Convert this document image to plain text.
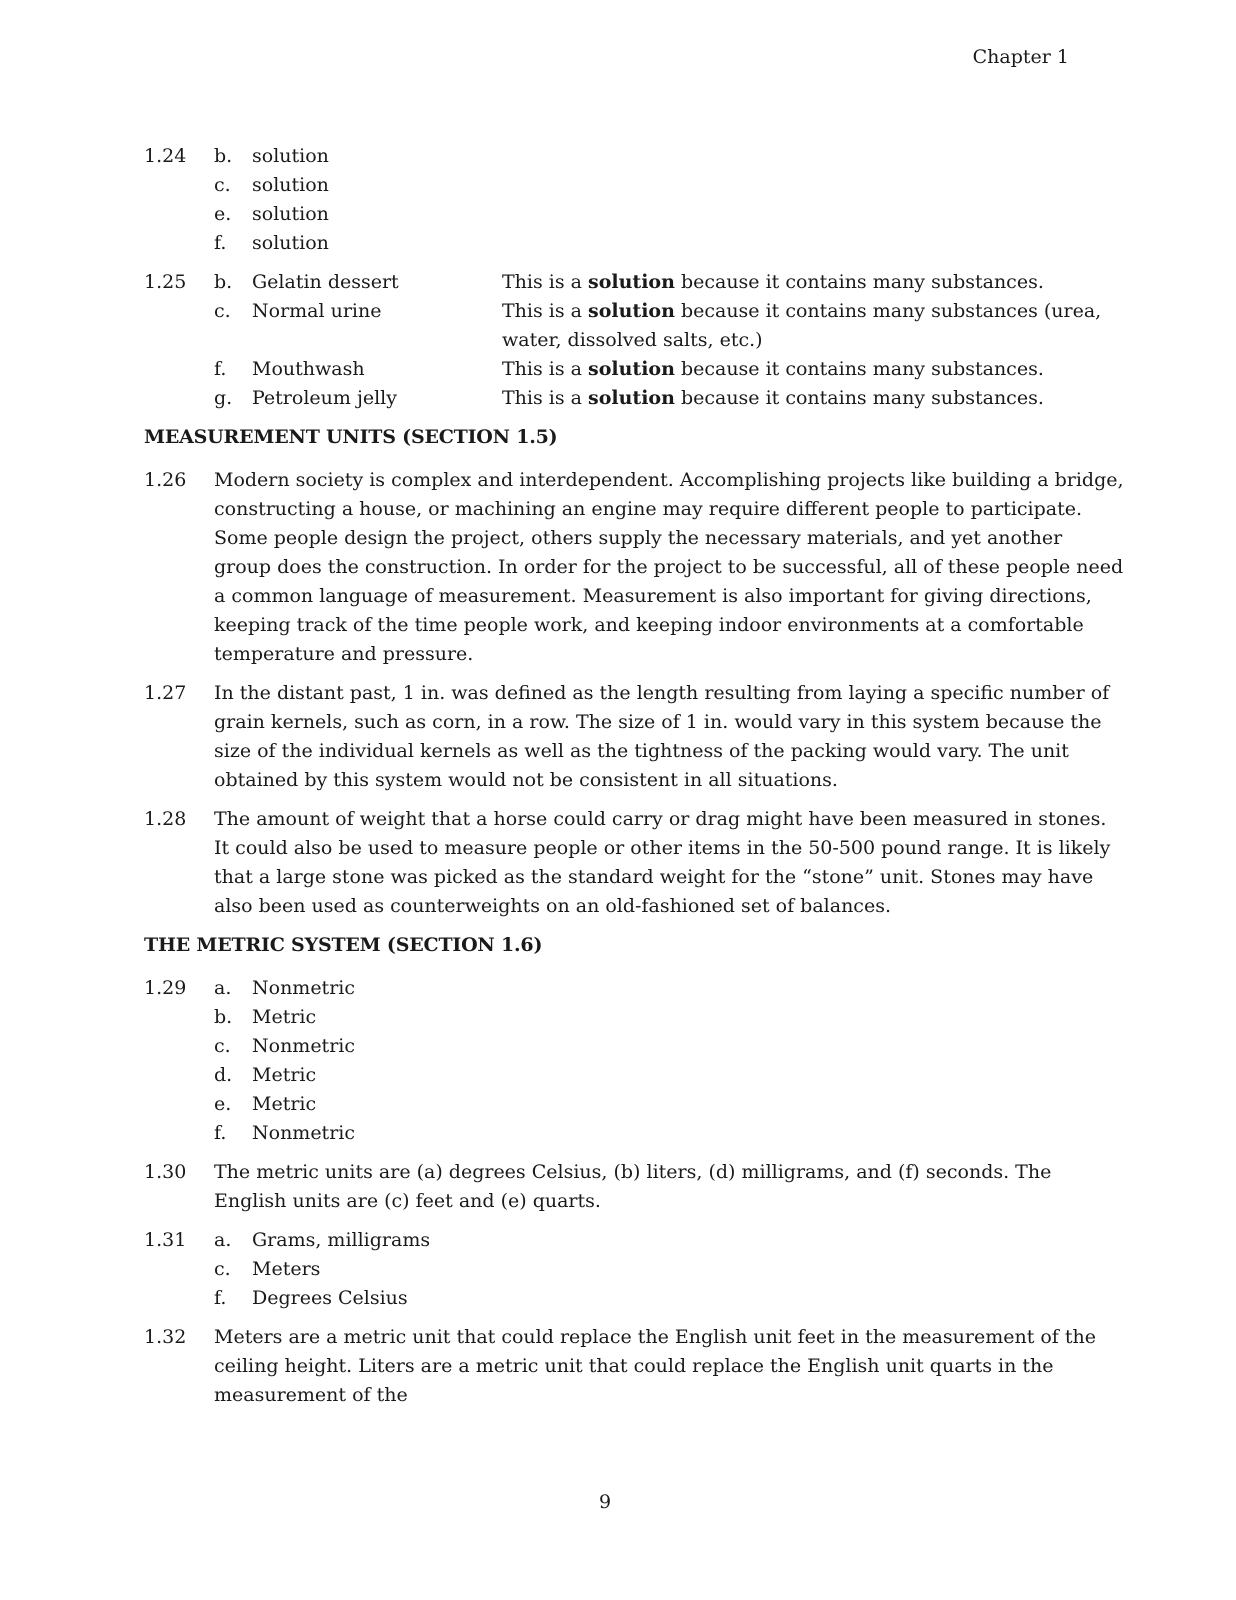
Chapter 1
1.24	b.	solution
c.	solution
e.	solution
f.	solution
1.25	b.	Gelatin dessert	This is a solution because it contains many substances.
c.	Normal urine	This is a solution because it contains many substances (urea,
water, dissolved salts, etc.)
f.	Mouthwash	This is a solution because it contains many substances.
g.	Petroleum jelly	This is a solution because it contains many substances.
MEASUREMENT UNITS (SECTION 1.5)
1.26	Modern society is complex and interdependent. Accomplishing projects like building a bridge, constructing a house, or machining an engine may require different people to participate. Some people design the project, others supply the necessary materials, and yet another group does the construction. In order for the project to be successful, all of these people need a common language of measurement. Measurement is also important for giving directions, keeping track of the time people work, and keeping indoor environments at a comfortable temperature and pressure.
1.27	In the distant past, 1 in. was defined as the length resulting from laying a specific number of grain kernels, such as corn, in a row. The size of 1 in. would vary in this system because the size of the individual kernels as well as the tightness of the packing would vary. The unit obtained by this system would not be consistent in all situations.
1.28	The amount of weight that a horse could carry or drag might have been measured in stones. It could also be used to measure people or other items in the 50-500 pound range. It is likely that a large stone was picked as the standard weight for the “stone” unit. Stones may have also been used as counterweights on an old-fashioned set of balances.
THE METRIC SYSTEM (SECTION 1.6)
1.29	a.	Nonmetric
b.	Metric
c.	Nonmetric
d.	Metric
e.	Metric
f.	Nonmetric
1.30	The metric units are (a) degrees Celsius, (b) liters, (d) milligrams, and (f) seconds. The English units are (c) feet and (e) quarts.
1.31	a.	Grams, milligrams
c.	Meters
f.	Degrees Celsius
1.32	Meters are a metric unit that could replace the English unit feet in the measurement of the ceiling height. Liters are a metric unit that could replace the English unit quarts in the measurement of the
9
